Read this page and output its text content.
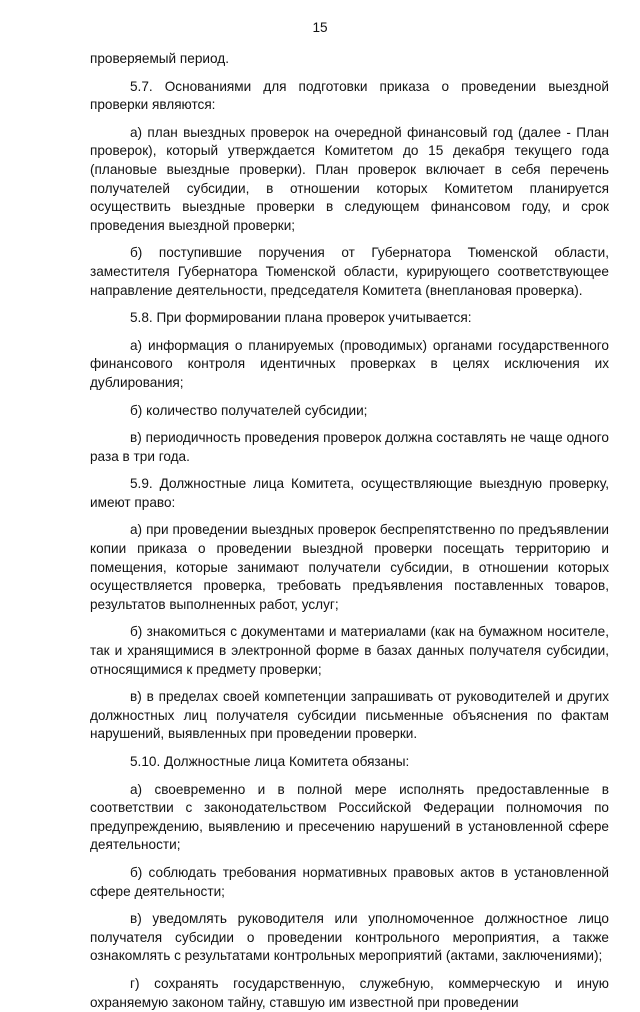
15

проверяемый период.

5.7. Основаниями для подготовки приказа о проведении выездной проверки являются:

а) план выездных проверок на очередной финансовый год (далее - План проверок), который утверждается Комитетом до 15 декабря текущего года (плановые выездные проверки). План проверок включает в себя перечень получателей субсидии, в отношении которых Комитетом планируется осуществить выездные проверки в следующем финансовом году, и срок проведения выездной проверки;

б) поступившие поручения от Губернатора Тюменской области, заместителя Губернатора Тюменской области, курирующего соответствующее направление деятельности, председателя Комитета (внеплановая проверка).

5.8. При формировании плана проверок учитывается:

а) информация о планируемых (проводимых) органами государственного финансового контроля идентичных проверках в целях исключения их дублирования;

б) количество получателей субсидии;

в) периодичность проведения проверок должна составлять не чаще одного раза в три года.

5.9. Должностные лица Комитета, осуществляющие выездную проверку, имеют право:

а) при проведении выездных проверок беспрепятственно по предъявлении копии приказа о проведении выездной проверки посещать территорию и помещения, которые занимают получатели субсидии, в отношении которых осуществляется проверка, требовать предъявления поставленных товаров, результатов выполненных работ, услуг;

б) знакомиться с документами и материалами (как на бумажном носителе, так и хранящимися в электронной форме в базах данных получателя субсидии, относящимися к предмету проверки;

в) в пределах своей компетенции запрашивать от руководителей и других должностных лиц получателя субсидии письменные объяснения по фактам нарушений, выявленных при проведении проверки.

5.10. Должностные лица Комитета обязаны:

а) своевременно и в полной мере исполнять предоставленные в соответствии с законодательством Российской Федерации полномочия по предупреждению, выявлению и пресечению нарушений в установленной сфере деятельности;

б) соблюдать требования нормативных правовых актов в установленной сфере деятельности;

в) уведомлять руководителя или уполномоченное должностное лицо получателя субсидии о проведении контрольного мероприятия, а также ознакомлять с результатами контрольных мероприятий (актами, заключениями);

г) сохранять государственную, служебную, коммерческую и иную охраняемую законом тайну, ставшую им известной при проведении
